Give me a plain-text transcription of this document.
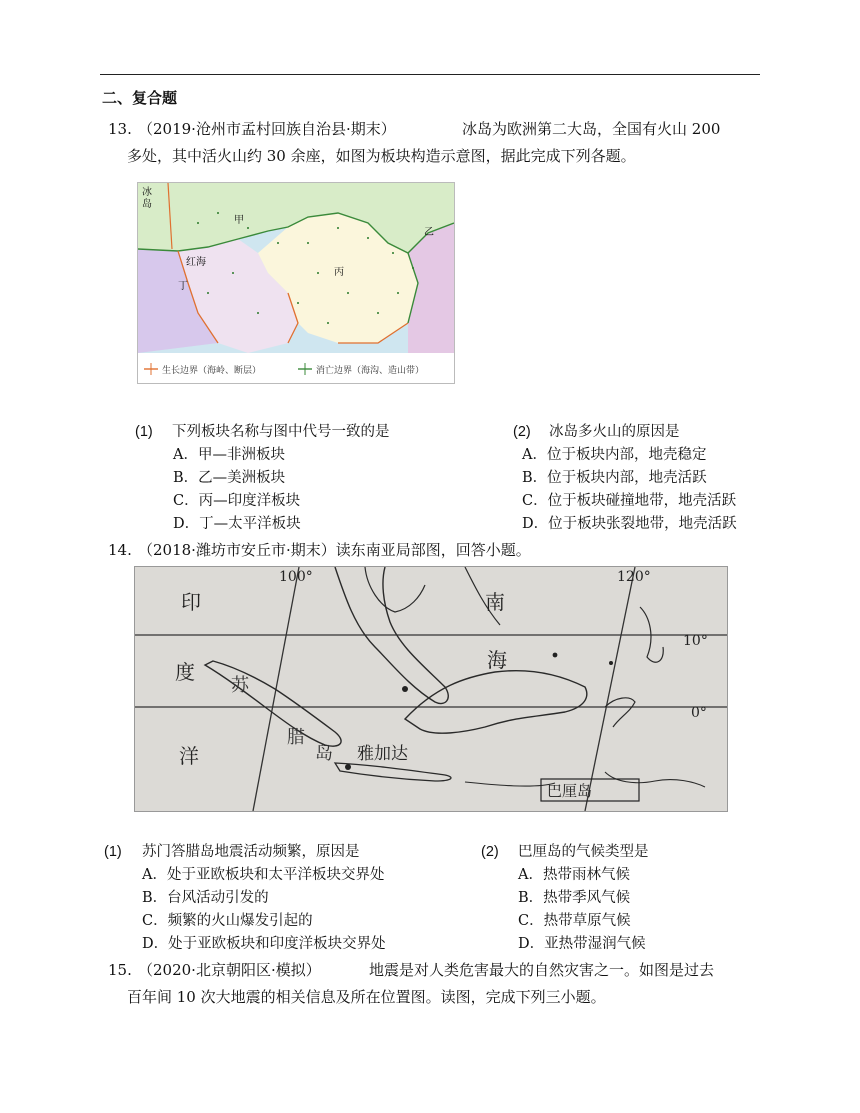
二、复合题
13. （2019·沧州市孟村回族自治县·期末）	冰岛为欧洲第二大岛，全国有火山 200
多处，其中活火山约 30 余座，如图为板块构造示意图，据此完成下列各题。
冰
岛
甲
乙
红 海
丁
丙
生长边界（海岭、断层）	消亡边界（海沟、造山带）
(1) 下列板块名称与图中代号一致的是
A．甲—非洲板块
B．乙—美洲板块
C．丙—印度洋板块
D．丁—太平洋板块
(2) 冰岛多火山的原因是
A．位于板块内部，地壳稳定
B．位于板块内部，地壳活跃
C．位于板块碰撞地带，地壳活跃
D．位于板块张裂地带，地壳活跃
14. （2018·潍坊市安丘市·期末）读东南亚局部图，回答小题。
100°	120°
10°
0°
印
度
洋
南
海
苏
腊
岛 雅加达
巴厘岛
(1) 苏门答腊岛地震活动频繁，原因是
A．处于亚欧板块和太平洋板块交界处
B．台风活动引发的
C．频繁的火山爆发引起的
D．处于亚欧板块和印度洋板块交界处
(2) 巴厘岛的气候类型是
A．热带雨林气候
B．热带季风气候
C．热带草原气候
D．亚热带湿润气候
15. （2020·北京朝阳区·模拟）	地震是对人类危害最大的自然灾害之一。如图是过去
百年间 10 次大地震的相关信息及所在位置图。读图，完成下列三小题。
